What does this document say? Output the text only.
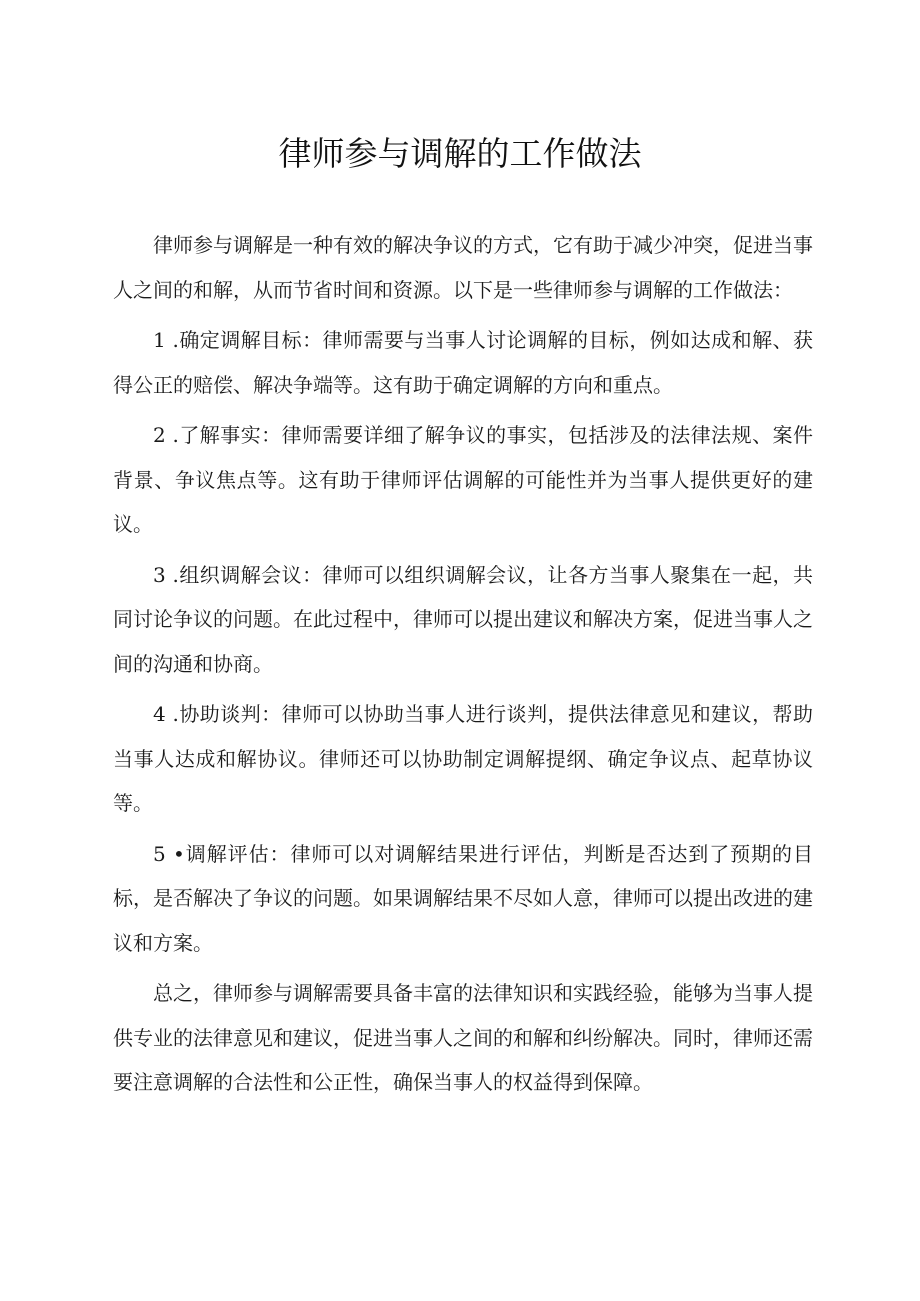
律师参与调解的工作做法

律师参与调解是一种有效的解决争议的方式，它有助于减少冲突，促进当事人之间的和解，从而节省时间和资源。以下是一些律师参与调解的工作做法：

1 .确定调解目标：律师需要与当事人讨论调解的目标，例如达成和解、获得公正的赔偿、解决争端等。这有助于确定调解的方向和重点。

2 .了解事实：律师需要详细了解争议的事实，包括涉及的法律法规、案件背景、争议焦点等。这有助于律师评估调解的可能性并为当事人提供更好的建议。

3 .组织调解会议：律师可以组织调解会议，让各方当事人聚集在一起，共同讨论争议的问题。在此过程中，律师可以提出建议和解决方案，促进当事人之间的沟通和协商。

4 .协助谈判：律师可以协助当事人进行谈判，提供法律意见和建议，帮助当事人达成和解协议。律师还可以协助制定调解提纲、确定争议点、起草协议等。

5 •调解评估：律师可以对调解结果进行评估，判断是否达到了预期的目标，是否解决了争议的问题。如果调解结果不尽如人意，律师可以提出改进的建议和方案。

总之，律师参与调解需要具备丰富的法律知识和实践经验，能够为当事人提供专业的法律意见和建议，促进当事人之间的和解和纠纷解决。同时，律师还需要注意调解的合法性和公正性，确保当事人的权益得到保障。
